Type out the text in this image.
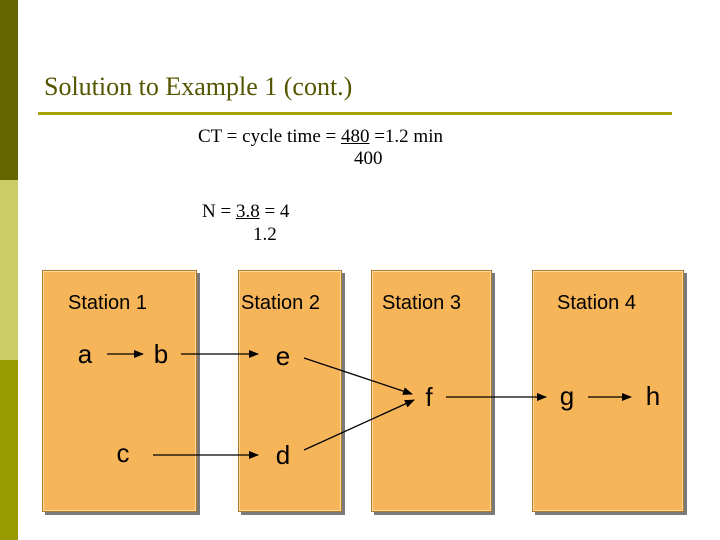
Solution to Example 1 (cont.)
CT = cycle time = 480 =1.2 min
400
N = 3.8 = 4
1.2
Station 1	Station 2	Station 3	Station 4
a b	e
f	g	h
c	d
